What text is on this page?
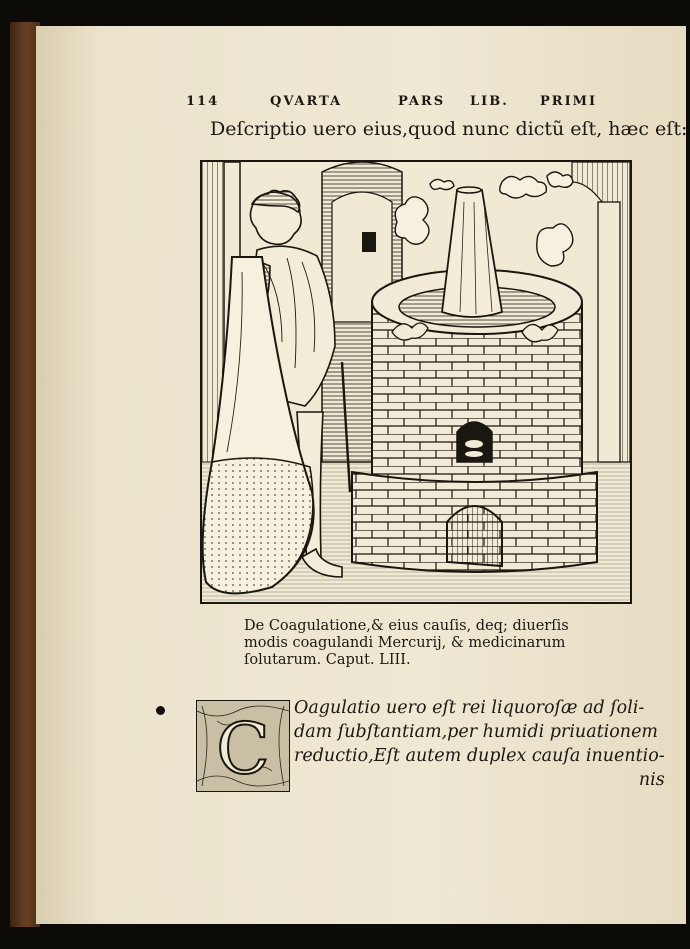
114	QVARTA	PARS LIB. PRIMI
Deſcriptio uero eius,quod nunc dictũ eſt, hæc eſt:
De Coagulatione,& eius cauſis, deq; diuerſis
modis coagulandi Mercurij, & medicinarum
ſolutarum. Caput. LIII.
C Oagulatio uero eſt rei liquoroſæ ad ſoli-
dam ſubſtantiam,per humidi priuationem
reductio,Eſt autem duplex cauſa inuentio-
nis
